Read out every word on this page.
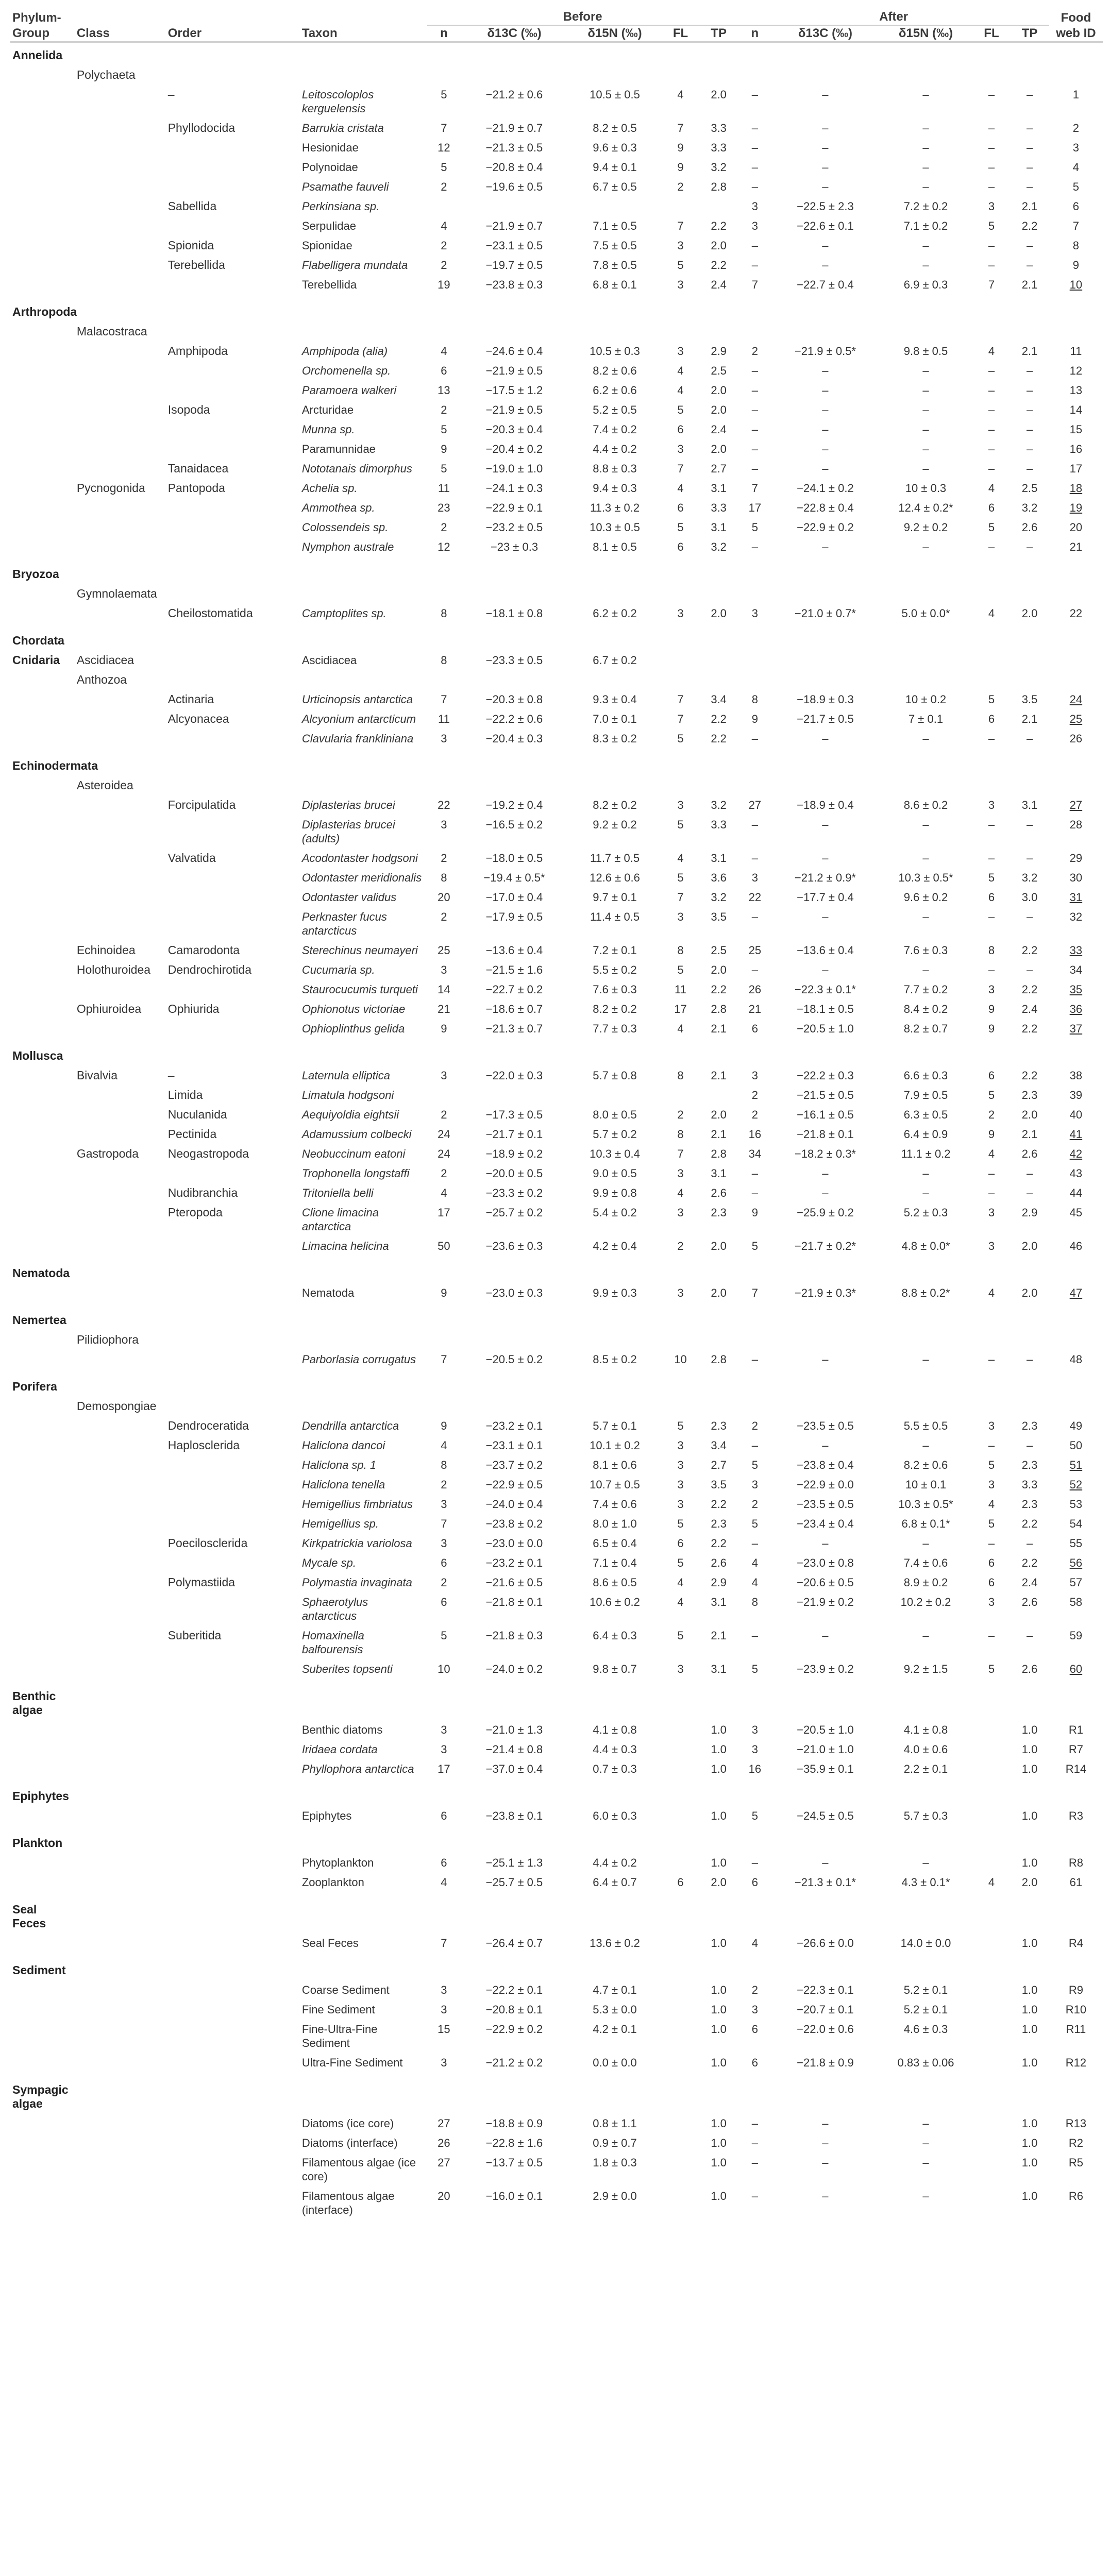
Phylum-Group	Class	Order	Taxon	Before					After					Food web ID
				n	δ13C (‰)	δ15N (‰)	FL	TP	n	δ13C (‰)	δ15N (‰)	FL	TP	
Annelida														
	Polychaeta													
		–	Leitoscoloplos kerguelensis	5	−21.2 ± 0.6	10.5 ± 0.5	4	2.0	–	–	–	–	–	1
		Phyllodocida	Barrukia cristata	7	−21.9 ± 0.7	8.2 ± 0.5	7	3.3	–	–	–	–	–	2
			Hesionidae	12	−21.3 ± 0.5	9.6 ± 0.3	9	3.3	–	–	–	–	–	3
			Polynoidae	5	−20.8 ± 0.4	9.4 ± 0.1	9	3.2	–	–	–	–	–	4
			Psamathe fauveli	2	−19.6 ± 0.5	6.7 ± 0.5	2	2.8	–	–	–	–	–	5
		Sabellida	Perkinsiana sp.						3	−22.5 ± 2.3	7.2 ± 0.2	3	2.1	6
			Serpulidae	4	−21.9 ± 0.7	7.1 ± 0.5	7	2.2	3	−22.6 ± 0.1	7.1 ± 0.2	5	2.2	7
		Spionida	Spionidae	2	−23.1 ± 0.5	7.5 ± 0.5	3	2.0	–	–	–	–	–	8
		Terebellida	Flabelligera mundata	2	−19.7 ± 0.5	7.8 ± 0.5	5	2.2	–	–	–	–	–	9
			Terebellida	19	−23.8 ± 0.3	6.8 ± 0.1	3	2.4	7	−22.7 ± 0.4	6.9 ± 0.3	7	2.1	10
Arthropoda														
	Malacostraca													
		Amphipoda	Amphipoda (alia)	4	−24.6 ± 0.4	10.5 ± 0.3	3	2.9	2	−21.9 ± 0.5*	9.8 ± 0.5	4	2.1	11
			Orchomenella sp.	6	−21.9 ± 0.5	8.2 ± 0.6	4	2.5	–	–	–	–	–	12
			Paramoera walkeri	13	−17.5 ± 1.2	6.2 ± 0.6	4	2.0	–	–	–	–	–	13
		Isopoda	Arcturidae	2	−21.9 ± 0.5	5.2 ± 0.5	5	2.0	–	–	–	–	–	14
			Munna sp.	5	−20.3 ± 0.4	7.4 ± 0.2	6	2.4	–	–	–	–	–	15
			Paramunnidae	9	−20.4 ± 0.2	4.4 ± 0.2	3	2.0	–	–	–	–	–	16
		Tanaidacea	Nototanais dimorphus	5	−19.0 ± 1.0	8.8 ± 0.3	7	2.7	–	–	–	–	–	17
	Pycnogonida	Pantopoda	Achelia sp.	11	−24.1 ± 0.3	9.4 ± 0.3	4	3.1	7	−24.1 ± 0.2	10 ± 0.3	4	2.5	18
			Ammothea sp.	23	−22.9 ± 0.1	11.3 ± 0.2	6	3.3	17	−22.8 ± 0.4	12.4 ± 0.2*	6	3.2	19
			Colossendeis sp.	2	−23.2 ± 0.5	10.3 ± 0.5	5	3.1	5	−22.9 ± 0.2	9.2 ± 0.2	5	2.6	20
			Nymphon australe	12	−23 ± 0.3	8.1 ± 0.5	6	3.2	–	–	–	–	–	21
Bryozoa														
	Gymnolaemata													
		Cheilostomatida	Camptoplites sp.	8	−18.1 ± 0.8	6.2 ± 0.2	3	2.0	3	−21.0 ± 0.7*	5.0 ± 0.0*	4	2.0	22
Chordata														
Cnidaria	Ascidiacea		Ascidiacea	8	−23.3 ± 0.5	6.7 ± 0.2								
	Anthozoa													
		Actinaria	Urticinopsis antarctica	7	−20.3 ± 0.8	9.3 ± 0.4	7	3.4	8	−18.9 ± 0.3	10 ± 0.2	5	3.5	24
		Alcyonacea	Alcyonium antarcticum	11	−22.2 ± 0.6	7.0 ± 0.1	7	2.2	9	−21.7 ± 0.5	7 ± 0.1	6	2.1	25
			Clavularia frankliniana	3	−20.4 ± 0.3	8.3 ± 0.2	5	2.2	–	–	–	–	–	26
Echinodermata														
	Asteroidea													
		Forcipulatida	Diplasterias brucei	22	−19.2 ± 0.4	8.2 ± 0.2	3	3.2	27	−18.9 ± 0.4	8.6 ± 0.2	3	3.1	27
			Diplasterias brucei (adults)	3	−16.5 ± 0.2	9.2 ± 0.2	5	3.3	–	–	–	–	–	28
		Valvatida	Acodontaster hodgsoni	2	−18.0 ± 0.5	11.7 ± 0.5	4	3.1	–	–	–	–	–	29
			Odontaster meridionalis	8	−19.4 ± 0.5*	12.6 ± 0.6	5	3.6	3	−21.2 ± 0.9*	10.3 ± 0.5*	5	3.2	30
			Odontaster validus	20	−17.0 ± 0.4	9.7 ± 0.1	7	3.2	22	−17.7 ± 0.4	9.6 ± 0.2	6	3.0	31
			Perknaster fucus antarcticus	2	−17.9 ± 0.5	11.4 ± 0.5	3	3.5	–	–	–	–	–	32
	Echinoidea	Camarodonta	Sterechinus neumayeri	25	−13.6 ± 0.4	7.2 ± 0.1	8	2.5	25	−13.6 ± 0.4	7.6 ± 0.3	8	2.2	33
	Holothuroidea	Dendrochirotida	Cucumaria sp.	3	−21.5 ± 1.6	5.5 ± 0.2	5	2.0	–	–	–	–	–	34
			Staurocucumis turqueti	14	−22.7 ± 0.2	7.6 ± 0.3	11	2.2	26	−22.3 ± 0.1*	7.7 ± 0.2	3	2.2	35
	Ophiuroidea	Ophiurida	Ophionotus victoriae	21	−18.6 ± 0.7	8.2 ± 0.2	17	2.8	21	−18.1 ± 0.5	8.4 ± 0.2	9	2.4	36
			Ophioplinthus gelida	9	−21.3 ± 0.7	7.7 ± 0.3	4	2.1	6	−20.5 ± 1.0	8.2 ± 0.7	9	2.2	37
Mollusca														
	Bivalvia	–	Laternula elliptica	3	−22.0 ± 0.3	5.7 ± 0.8	8	2.1	3	−22.2 ± 0.3	6.6 ± 0.3	6	2.2	38
		Limida	Limatula hodgsoni						2	−21.5 ± 0.5	7.9 ± 0.5	5	2.3	39
		Nuculanida	Aequiyoldia eightsii	2	−17.3 ± 0.5	8.0 ± 0.5	2	2.0	2	−16.1 ± 0.5	6.3 ± 0.5	2	2.0	40
		Pectinida	Adamussium colbecki	24	−21.7 ± 0.1	5.7 ± 0.2	8	2.1	16	−21.8 ± 0.1	6.4 ± 0.9	9	2.1	41
	Gastropoda	Neogastropoda	Neobuccinum eatoni	24	−18.9 ± 0.2	10.3 ± 0.4	7	2.8	34	−18.2 ± 0.3*	11.1 ± 0.2	4	2.6	42
			Trophonella longstaffi	2	−20.0 ± 0.5	9.0 ± 0.5	3	3.1	–	–	–	–	–	43
		Nudibranchia	Tritoniella belli	4	−23.3 ± 0.2	9.9 ± 0.8	4	2.6	–	–	–	–	–	44
		Pteropoda	Clione limacina antarctica	17	−25.7 ± 0.2	5.4 ± 0.2	3	2.3	9	−25.9 ± 0.2	5.2 ± 0.3	3	2.9	45
			Limacina helicina	50	−23.6 ± 0.3	4.2 ± 0.4	2	2.0	5	−21.7 ± 0.2*	4.8 ± 0.0*	3	2.0	46
Nematoda														
			Nematoda	9	−23.0 ± 0.3	9.9 ± 0.3	3	2.0	7	−21.9 ± 0.3*	8.8 ± 0.2*	4	2.0	47
Nemertea														
	Pilidiophora													
			Parborlasia corrugatus	7	−20.5 ± 0.2	8.5 ± 0.2	10	2.8	–	–	–	–	–	48
Porifera														
	Demospongiae													
		Dendroceratida	Dendrilla antarctica	9	−23.2 ± 0.1	5.7 ± 0.1	5	2.3	2	−23.5 ± 0.5	5.5 ± 0.5	3	2.3	49
		Haplosclerida	Haliclona dancoi	4	−23.1 ± 0.1	10.1 ± 0.2	3	3.4	–	–	–	–	–	50
			Haliclona sp. 1	8	−23.7 ± 0.2	8.1 ± 0.6	3	2.7	5	−23.8 ± 0.4	8.2 ± 0.6	5	2.3	51
			Haliclona tenella	2	−22.9 ± 0.5	10.7 ± 0.5	3	3.5	3	−22.9 ± 0.0	10 ± 0.1	3	3.3	52
			Hemigellius fimbriatus	3	−24.0 ± 0.4	7.4 ± 0.6	3	2.2	2	−23.5 ± 0.5	10.3 ± 0.5*	4	2.3	53
			Hemigellius sp.	7	−23.8 ± 0.2	8.0 ± 1.0	5	2.3	5	−23.4 ± 0.4	6.8 ± 0.1*	5	2.2	54
		Poecilosclerida	Kirkpatrickia variolosa	3	−23.0 ± 0.0	6.5 ± 0.4	6	2.2	–	–	–	–	–	55
			Mycale sp.	6	−23.2 ± 0.1	7.1 ± 0.4	5	2.6	4	−23.0 ± 0.8	7.4 ± 0.6	6	2.2	56
		Polymastiida	Polymastia invaginata	2	−21.6 ± 0.5	8.6 ± 0.5	4	2.9	4	−20.6 ± 0.5	8.9 ± 0.2	6	2.4	57
			Sphaerotylus antarcticus	6	−21.8 ± 0.1	10.6 ± 0.2	4	3.1	8	−21.9 ± 0.2	10.2 ± 0.2	3	2.6	58
		Suberitida	Homaxinella balfourensis	5	−21.8 ± 0.3	6.4 ± 0.3	5	2.1	–	–	–	–	–	59
			Suberites topsenti	10	−24.0 ± 0.2	9.8 ± 0.7	3	3.1	5	−23.9 ± 0.2	9.2 ± 1.5	5	2.6	60
Benthic algae														
			Benthic diatoms	3	−21.0 ± 1.3	4.1 ± 0.8		1.0	3	−20.5 ± 1.0	4.1 ± 0.8		1.0	R1
			Iridaea cordata	3	−21.4 ± 0.8	4.4 ± 0.3		1.0	3	−21.0 ± 1.0	4.0 ± 0.6		1.0	R7
			Phyllophora antarctica	17	−37.0 ± 0.4	0.7 ± 0.3		1.0	16	−35.9 ± 0.1	2.2 ± 0.1		1.0	R14
Epiphytes														
			Epiphytes	6	−23.8 ± 0.1	6.0 ± 0.3		1.0	5	−24.5 ± 0.5	5.7 ± 0.3		1.0	R3
Plankton														
			Phytoplankton	6	−25.1 ± 1.3	4.4 ± 0.2		1.0	–	–	–		1.0	R8
			Zooplankton	4	−25.7 ± 0.5	6.4 ± 0.7	6	2.0	6	−21.3 ± 0.1*	4.3 ± 0.1*	4	2.0	61
Seal Feces														
			Seal Feces	7	−26.4 ± 0.7	13.6 ± 0.2		1.0	4	−26.6 ± 0.0	14.0 ± 0.0		1.0	R4
Sediment														
			Coarse Sediment	3	−22.2 ± 0.1	4.7 ± 0.1		1.0	2	−22.3 ± 0.1	5.2 ± 0.1		1.0	R9
			Fine Sediment	3	−20.8 ± 0.1	5.3 ± 0.0		1.0	3	−20.7 ± 0.1	5.2 ± 0.1		1.0	R10
			Fine-Ultra-Fine Sediment	15	−22.9 ± 0.2	4.2 ± 0.1		1.0	6	−22.0 ± 0.6	4.6 ± 0.3		1.0	R11
			Ultra-Fine Sediment	3	−21.2 ± 0.2	0.0 ± 0.0		1.0	6	−21.8 ± 0.9	0.83 ± 0.06		1.0	R12
Sympagic algae														
			Diatoms (ice core)	27	−18.8 ± 0.9	0.8 ± 1.1		1.0	–	–	–		1.0	R13
			Diatoms (interface)	26	−22.8 ± 1.6	0.9 ± 0.7		1.0	–	–	–		1.0	R2
			Filamentous algae (ice core)	27	−13.7 ± 0.5	1.8 ± 0.3		1.0	–	–	–		1.0	R5
			Filamentous algae (interface)	20	−16.0 ± 0.1	2.9 ± 0.0		1.0	–	–	–		1.0	R6
